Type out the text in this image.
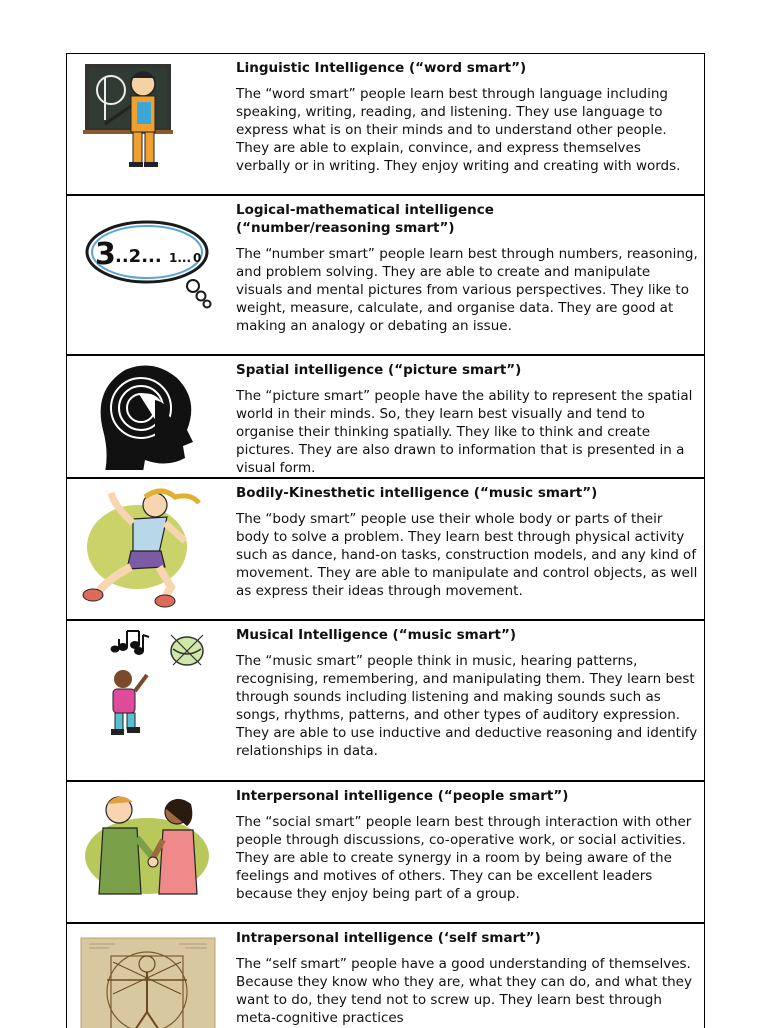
Linguistic Intelligence (“word smart”)

The “word smart” people learn best through language including speaking, writing, reading, and listening. They use language to express what is on their minds and to understand other people. They are able to explain, convince, and express themselves verbally or in writing. They enjoy writing and creating with words.

3 ..2... 1... 0

Logical-mathematical intelligence
(“number/reasoning smart”)

The “number smart” people learn best through numbers, reasoning, and problem solving. They are able to create and manipulate visuals and mental pictures from various perspectives. They like to weight, measure, calculate, and organise data. They are good at making an analogy or debating an issue.

Spatial intelligence (“picture smart”)

The “picture smart” people have the ability to represent the spatial world in their minds. So, they learn best visually and tend to organise their thinking spatially. They like to think and create pictures. They are also drawn to information that is presented in a visual form.

Bodily-Kinesthetic intelligence (“music smart”)

The “body smart” people use their whole body or parts of their body to solve a problem. They learn best through physical activity such as dance, hand-on tasks, construction models, and any kind of movement. They are able to manipulate and control objects, as well as express their ideas through movement.

Musical Intelligence (“music smart”)

The “music smart” people think in music, hearing patterns, recognising, remembering, and manipulating them. They learn best through sounds including listening and making sounds such as songs, rhythms, patterns, and other types of auditory expression. They are able to use inductive and deductive reasoning and identify relationships in data.

Interpersonal intelligence (“people smart”)

The “social smart” people learn best through interaction with other people through discussions, co-operative work, or social activities. They are able to create synergy in a room by being aware of the feelings and motives of others. They can be excellent leaders because they enjoy being part of a group.

Intrapersonal intelligence (‘self smart”)

The “self smart” people have a good understanding of themselves. Because they know who they are, what they can do, and what they want to do, they tend not to screw up. They learn best through meta-cognitive practices
